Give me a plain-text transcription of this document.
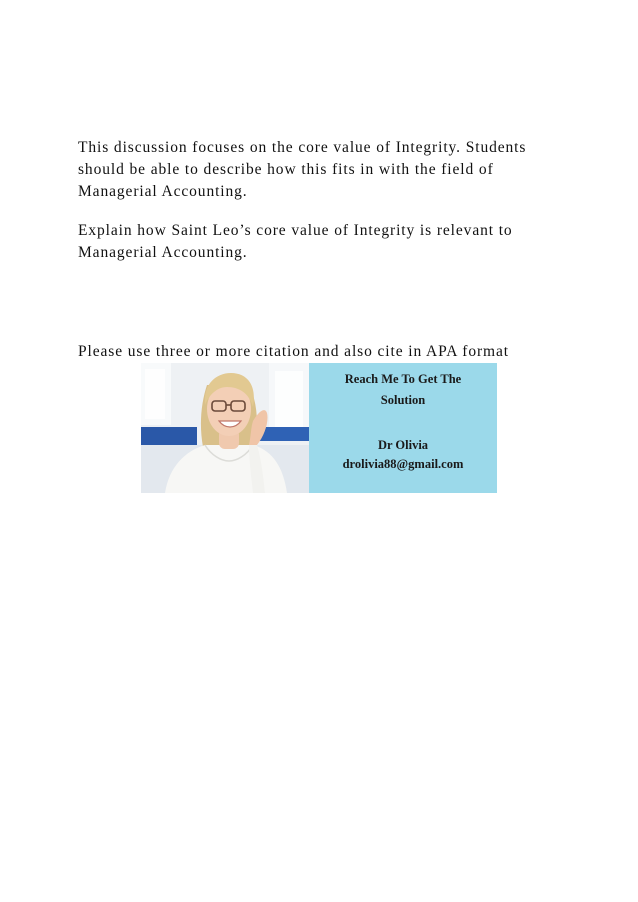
This discussion focuses on the core value of Integrity. Students should be able to describe how this fits in with the field of Managerial Accounting.

Explain how Saint Leo’s core value of Integrity is relevant to Managerial Accounting.

Please use three or more citation and also cite in APA format

Reach Me To Get The
Solution
Dr Olivia
drolivia88@gmail.com
